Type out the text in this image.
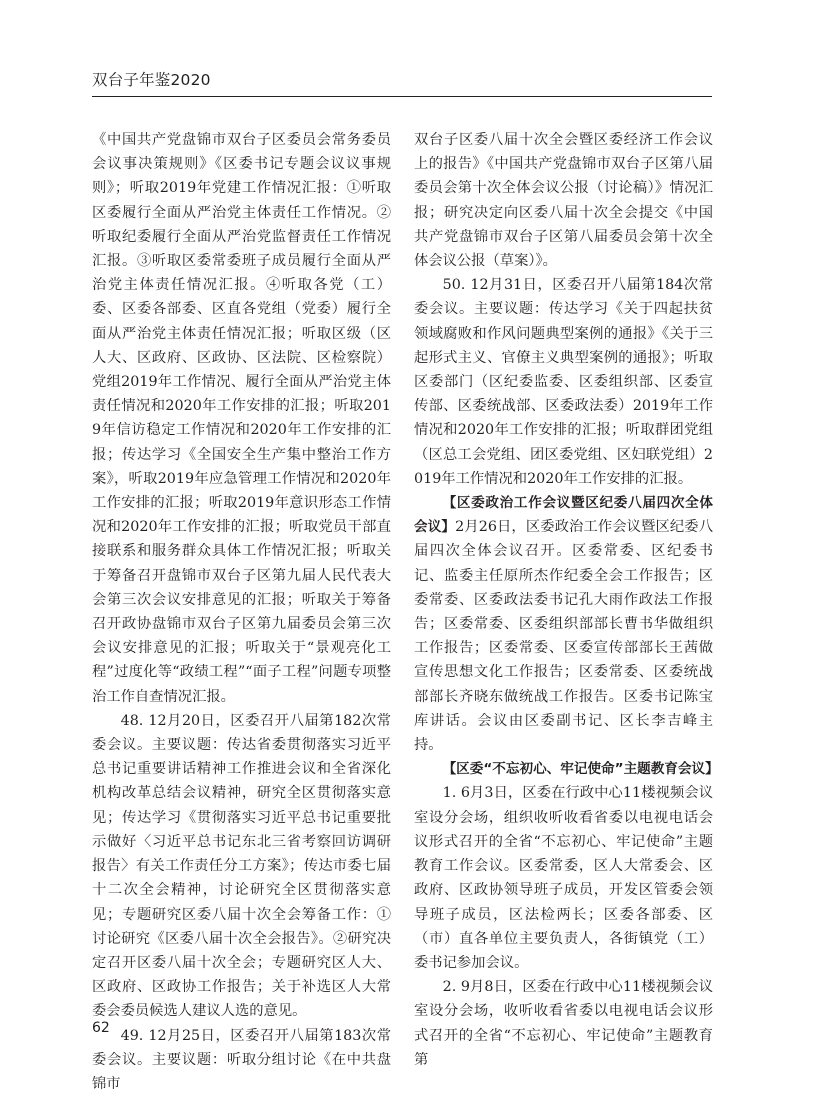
双台子年鉴2020

《中国共产党盘锦市双台子区委员会常务委员会议事决策规则》《区委书记专题会议议事规则》；听取2019年党建工作情况汇报：①听取区委履行全面从严治党主体责任工作情况。②听取纪委履行全面从严治党监督责任工作情况汇报。③听取区委常委班子成员履行全面从严治党主体责任情况汇报。④听取各党（工）委、区委各部委、区直各党组（党委）履行全面从严治党主体责任情况汇报；听取区级（区人大、区政府、区政协、区法院、区检察院）党组2019年工作情况、履行全面从严治党主体责任情况和2020年工作安排的汇报；听取2019年信访稳定工作情况和2020年工作安排的汇报；传达学习《全国安全生产集中整治工作方案》，听取2019年应急管理工作情况和2020年工作安排的汇报；听取2019年意识形态工作情况和2020年工作安排的汇报；听取党员干部直接联系和服务群众具体工作情况汇报；听取关于筹备召开盘锦市双台子区第九届人民代表大会第三次会议安排意见的汇报；听取关于筹备召开政协盘锦市双台子区第九届委员会第三次会议安排意见的汇报；听取关于“景观亮化工程”过度化等“政绩工程”“面子工程”问题专项整治工作自查情况汇报。

48. 12月20日，区委召开八届第182次常委会议。主要议题：传达省委贯彻落实习近平总书记重要讲话精神工作推进会议和全省深化机构改革总结会议精神，研究全区贯彻落实意见；传达学习《贯彻落实习近平总书记重要批示做好〈习近平总书记东北三省考察回访调研报告〉有关工作责任分工方案》；传达市委七届十二次全会精神，讨论研究全区贯彻落实意见；专题研究区委八届十次全会筹备工作：①讨论研究《区委八届十次全会报告》。②研究决定召开区委八届十次全会；专题研究区人大、区政府、区政协工作报告；关于补选区人大常委会委员候选人建议人选的意见。

49. 12月25日，区委召开八届第183次常委会议。主要议题：听取分组讨论《在中共盘锦市

双台子区委八届十次全会暨区委经济工作会议上的报告》《中国共产党盘锦市双台子区第八届委员会第十次全体会议公报（讨论稿）》情况汇报；研究决定向区委八届十次全会提交《中国共产党盘锦市双台子区第八届委员会第十次全体会议公报（草案）》。

50. 12月31日，区委召开八届第184次常委会议。主要议题：传达学习《关于四起扶贫领域腐败和作风问题典型案例的通报》《关于三起形式主义、官僚主义典型案例的通报》；听取区委部门（区纪委监委、区委组织部、区委宣传部、区委统战部、区委政法委）2019年工作情况和2020年工作安排的汇报；听取群团党组（区总工会党组、团区委党组、区妇联党组）2019年工作情况和2020年工作安排的汇报。

【区委政治工作会议暨区纪委八届四次全体会议】2月26日，区委政治工作会议暨区纪委八届四次全体会议召开。区委常委、区纪委书记、监委主任原所杰作纪委全会工作报告；区委常委、区委政法委书记孔大雨作政法工作报告；区委常委、区委组织部部长曹书华做组织工作报告；区委常委、区委宣传部部长王茜做宣传思想文化工作报告；区委常委、区委统战部部长齐晓东做统战工作报告。区委书记陈宝库讲话。会议由区委副书记、区长李吉峰主持。

【区委“不忘初心、牢记使命”主题教育会议】

1. 6月3日，区委在行政中心11楼视频会议室设分会场，组织收听收看省委以电视电话会议形式召开的全省“不忘初心、牢记使命”主题教育工作会议。区委常委，区人大常委会、区政府、区政协领导班子成员，开发区管委会领导班子成员，区法检两长；区委各部委、区（市）直各单位主要负责人，各街镇党（工）委书记参加会议。

2. 9月8日，区委在行政中心11楼视频会议室设分会场，收听收看省委以电视电话会议形式召开的全省“不忘初心、牢记使命”主题教育第

62
